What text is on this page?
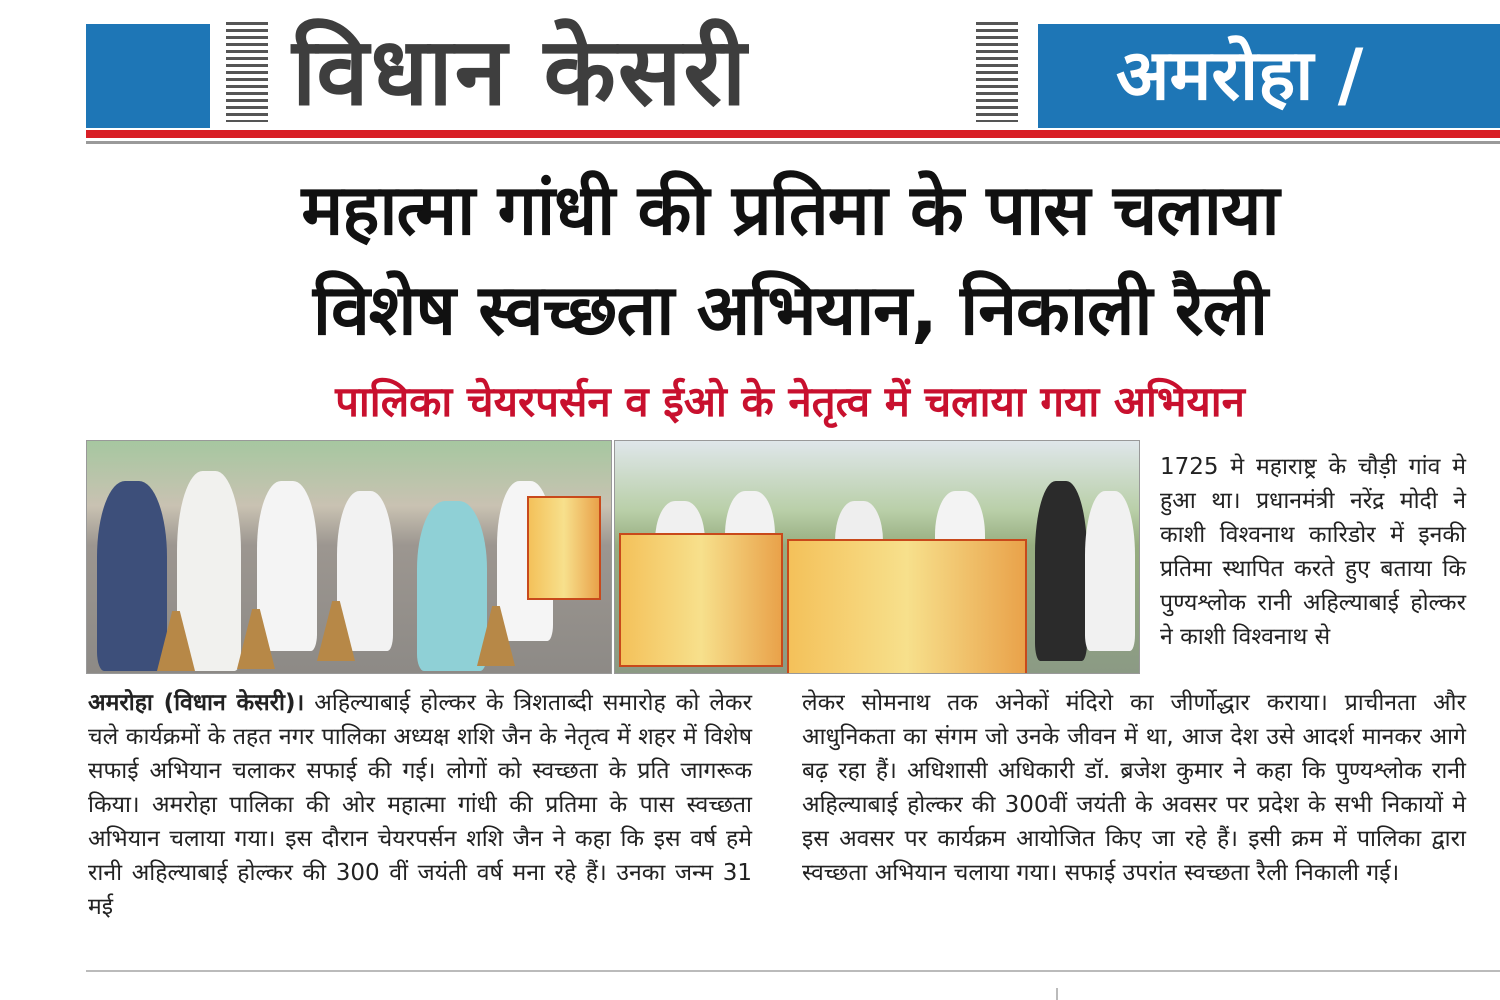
विधान केसरी	अमरोहा /
महात्मा गांधी की प्रतिमा के पास चलाया
विशेष स्वच्छता अभियान, निकाली रैली
पालिका चेयरपर्सन व ईओ के नेतृत्व में चलाया गया अभियान

1725 मे महाराष्ट्र के चौड़ी गांव मे हुआ था। प्रधानमंत्री नरेंद्र मोदी ने काशी विश्वनाथ कारिडोर में इनकी प्रतिमा स्थापित करते हुए बताया कि पुण्यश्लोक रानी अहिल्याबाई होल्कर ने काशी विश्वनाथ से

अमरोहा (विधान केसरी)। अहिल्याबाई होल्कर के त्रिशताब्दी समारोह को लेकर चले कार्यक्रमों के तहत नगर पालिका अध्यक्ष शशि जैन के नेतृत्व में शहर में विशेष सफाई अभियान चलाकर सफाई की गई। लोगों को स्वच्छता के प्रति जागरूक किया। अमरोहा पालिका की ओर महात्मा गांधी की प्रतिमा के पास स्वच्छता अभियान चलाया गया। इस दौरान चेयरपर्सन शशि जैन ने कहा कि इस वर्ष हमे रानी अहिल्याबाई होल्कर की 300 वीं जयंती वर्ष मना रहे हैं। उनका जन्म 31 मई

लेकर सोमनाथ तक अनेकों मंदिरो का जीर्णोद्धार कराया। प्राचीनता और आधुनिकता का संगम जो उनके जीवन में था, आज देश उसे आदर्श मानकर आगे बढ़ रहा हैं। अधिशासी अधिकारी डॉ. ब्रजेश कुमार ने कहा कि पुण्यश्लोक रानी अहिल्याबाई होल्कर की 300वीं जयंती के अवसर पर प्रदेश के सभी निकायों मे इस अवसर पर कार्यक्रम आयोजित किए जा रहे हैं। इसी क्रम में पालिका द्वारा स्वच्छता अभियान चलाया गया। सफाई उपरांत स्वच्छता रैली निकाली गई।
